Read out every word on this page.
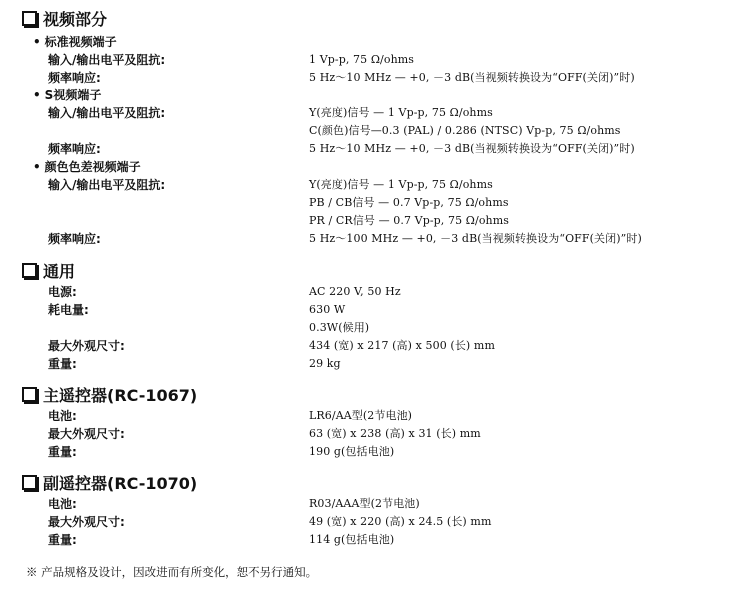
视频部分
• 标准视频端子
输入/输出电平及阻抗:	1 Vp-p, 75 Ω/ohms
频率响应:	5 Hz～10 MHz — +0, －3 dB(当视频转换设为“OFF(关闭)”时)
• S视频端子
输入/输出电平及阻抗:	Y(亮度)信号 — 1 Vp-p, 75 Ω/ohms
C(颜色)信号—0.3 (PAL) / 0.286 (NTSC) Vp-p, 75 Ω/ohms
频率响应:	5 Hz～10 MHz — +0, －3 dB(当视频转换设为“OFF(关闭)”时)
• 颜色色差视频端子
输入/输出电平及阻抗:	Y(亮度)信号 — 1 Vp-p, 75 Ω/ohms
PB / CB信号 — 0.7 Vp-p, 75 Ω/ohms
PR / CR信号 — 0.7 Vp-p, 75 Ω/ohms
频率响应:	5 Hz～100 MHz — +0, －3 dB(当视频转换设为“OFF(关闭)”时)
通用
电源:	AC 220 V, 50 Hz
耗电量:	630 W
0.3W(候用)
最大外观尺寸:	434 (宽) x 217 (高) x 500 (长) mm
重量:	29 kg
主遥控器(RC-1067)
电池:	LR6/AA型(2节电池)
最大外观尺寸:	63 (宽) x 238 (高) x 31 (长) mm
重量:	190 g(包括电池)
副遥控器(RC-1070)
电池:	R03/AAA型(2节电池)
最大外观尺寸:	49 (宽) x 220 (高) x 24.5 (长) mm
重量:	114 g(包括电池)
※ 产品规格及设计，因改进而有所变化，恕不另行通知。
